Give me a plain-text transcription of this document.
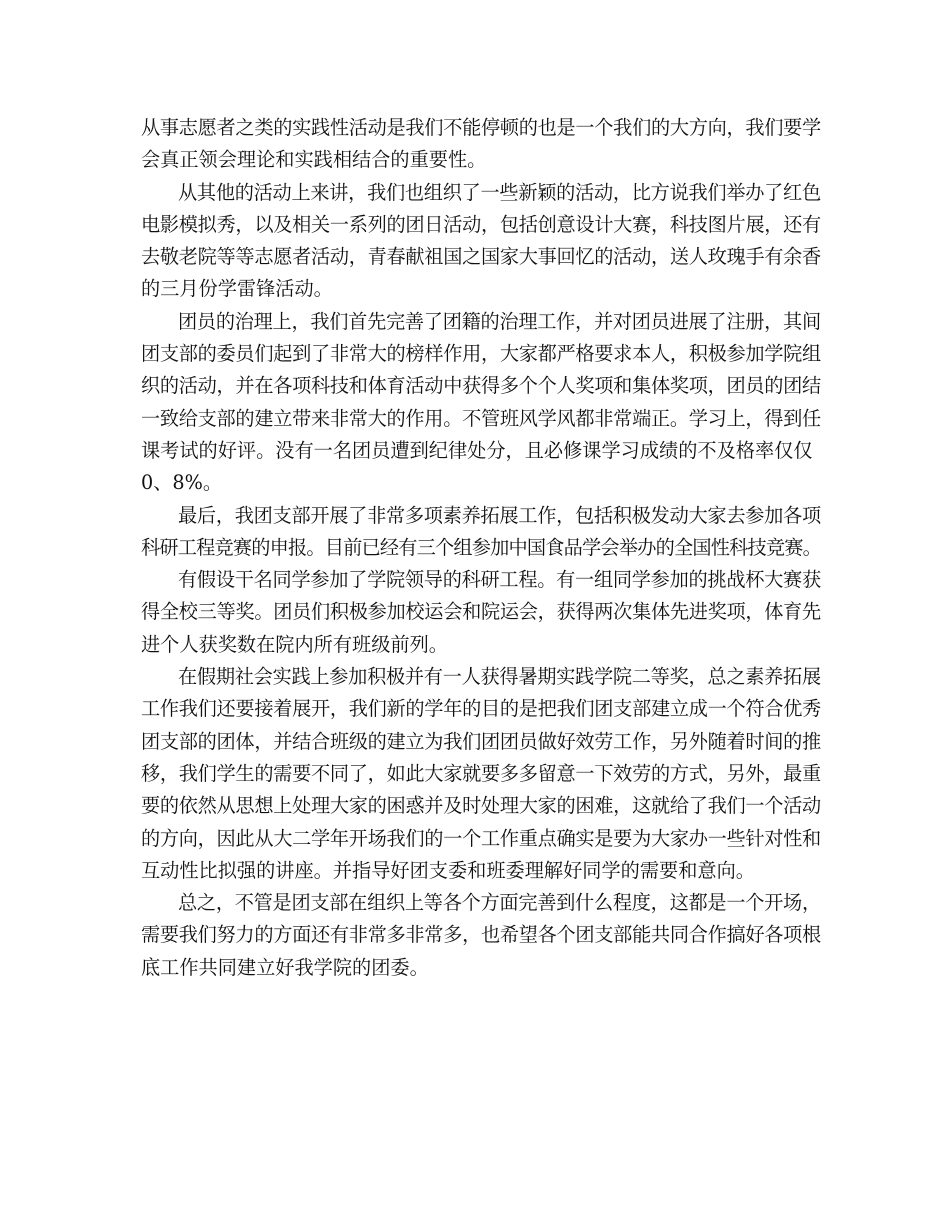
从事志愿者之类的实践性活动是我们不能停顿的也是一个我们的大方向，我们要学
会真正领会理论和实践相结合的重要性。
从其他的活动上来讲，我们也组织了一些新颖的活动，比方说我们举办了红色
电影模拟秀，以及相关一系列的团日活动，包括创意设计大赛，科技图片展，还有
去敬老院等等志愿者活动，青春献祖国之国家大事回忆的活动，送人玫瑰手有余香
的三月份学雷锋活动。
团员的治理上，我们首先完善了团籍的治理工作，并对团员进展了注册，其间
团支部的委员们起到了非常大的榜样作用，大家都严格要求本人，积极参加学院组
织的活动，并在各项科技和体育活动中获得多个个人奖项和集体奖项，团员的团结
一致给支部的建立带来非常大的作用。不管班风学风都非常端正。学习上，得到任
课考试的好评。没有一名团员遭到纪律处分，且必修课学习成绩的不及格率仅仅
0、8%。
最后，我团支部开展了非常多项素养拓展工作，包括积极发动大家去参加各项
科研工程竞赛的申报。目前已经有三个组参加中国食品学会举办的全国性科技竞赛。
有假设干名同学参加了学院领导的科研工程。有一组同学参加的挑战杯大赛获
得全校三等奖。团员们积极参加校运会和院运会，获得两次集体先进奖项，体育先
进个人获奖数在院内所有班级前列。
在假期社会实践上参加积极并有一人获得暑期实践学院二等奖，总之素养拓展
工作我们还要接着展开，我们新的学年的目的是把我们团支部建立成一个符合优秀
团支部的团体，并结合班级的建立为我们团团员做好效劳工作，另外随着时间的推
移，我们学生的需要不同了，如此大家就要多多留意一下效劳的方式，另外，最重
要的依然从思想上处理大家的困惑并及时处理大家的困难，这就给了我们一个活动
的方向，因此从大二学年开场我们的一个工作重点确实是要为大家办一些针对性和
互动性比拟强的讲座。并指导好团支委和班委理解好同学的需要和意向。
总之，不管是团支部在组织上等各个方面完善到什么程度，这都是一个开场，
需要我们努力的方面还有非常多非常多，也希望各个团支部能共同合作搞好各项根
底工作共同建立好我学院的团委。
